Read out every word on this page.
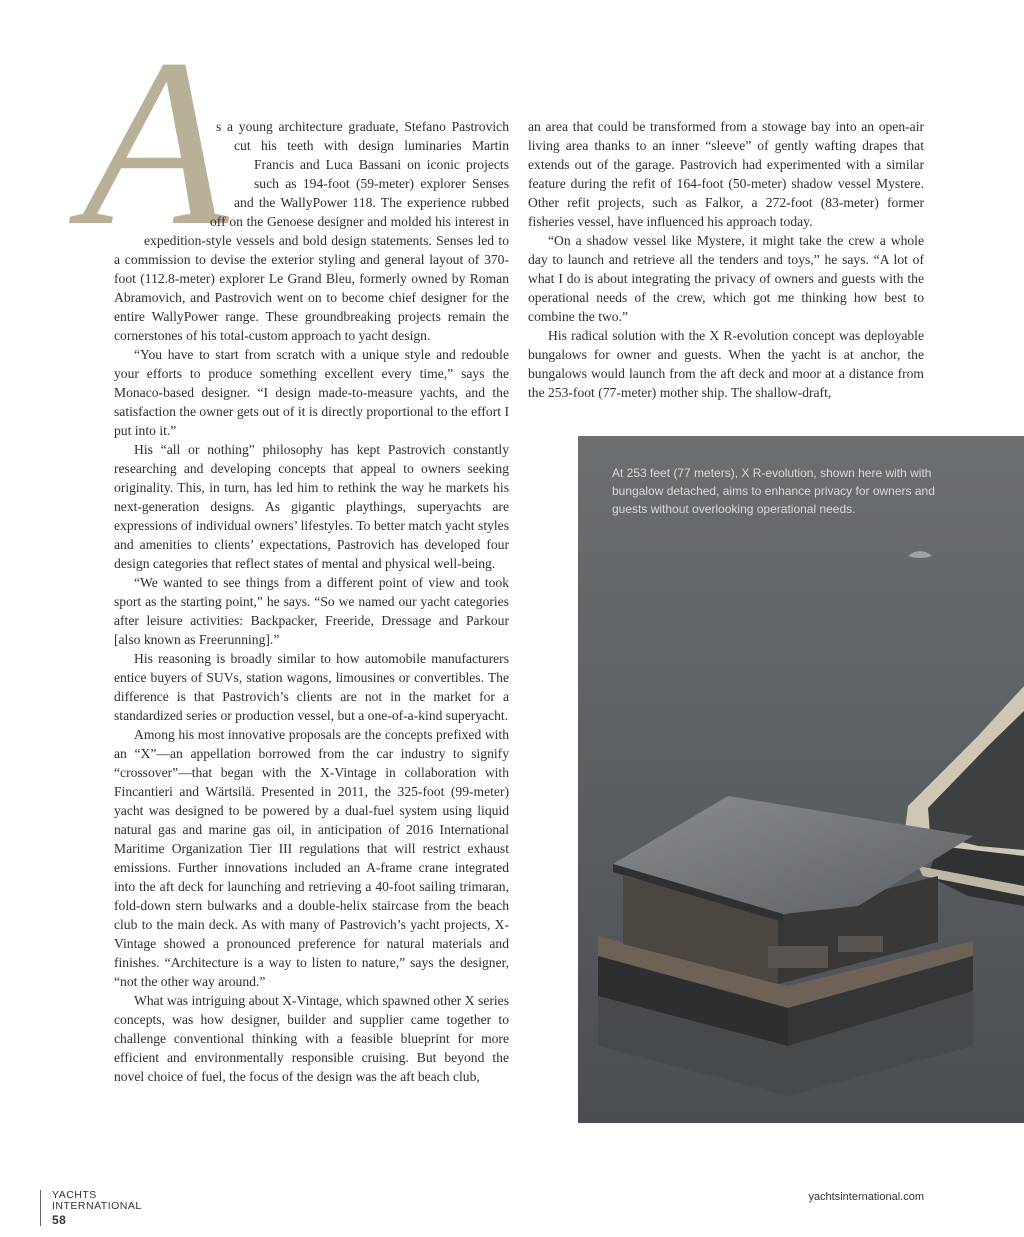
A

s a young architecture graduate, Stefano Pastrovich cut his teeth with design luminaries Martin Francis and Luca Bassani on iconic projects such as 194-foot (59-meter) explorer Senses and the WallyPower 118. The experience rubbed off on the Genoese designer and molded his interest in expedition-style vessels and bold design statements. Senses led to a commission to devise the exterior styling and general layout of 370-foot (112.8-meter) explorer Le Grand Bleu, formerly owned by Roman Abramovich, and Pastrovich went on to become chief designer for the entire WallyPower range. These groundbreaking projects remain the cornerstones of his total-custom approach to yacht design.

“You have to start from scratch with a unique style and redouble your efforts to produce something excellent every time,” says the Monaco-based designer. “I design made-to-measure yachts, and the satisfaction the owner gets out of it is directly proportional to the effort I put into it.”

His “all or nothing” philosophy has kept Pastrovich constantly researching and developing concepts that appeal to owners seeking originality. This, in turn, has led him to rethink the way he markets his next-generation designs. As gigantic playthings, superyachts are expressions of individual owners’ lifestyles. To better match yacht styles and amenities to clients’ expectations, Pastrovich has developed four design categories that reflect states of mental and physical well-being.

“We wanted to see things from a different point of view and took sport as the starting point,” he says. “So we named our yacht categories after leisure activities: Backpacker, Freeride, Dressage and Parkour [also known as Freerunning].”

His reasoning is broadly similar to how automobile manufacturers entice buyers of SUVs, station wagons, limousines or convertibles. The difference is that Pastrovich’s clients are not in the market for a standardized series or production vessel, but a one-of-a-kind superyacht.

Among his most innovative proposals are the concepts prefixed with an “X”—an appellation borrowed from the car industry to signify “crossover”—that began with the X-Vintage in collaboration with Fincantieri and Wärtsilä. Presented in 2011, the 325-foot (99-meter) yacht was designed to be powered by a dual-fuel system using liquid natural gas and marine gas oil, in anticipation of 2016 International Maritime Organization Tier III regulations that will restrict exhaust emissions. Further innovations included an A-frame crane integrated into the aft deck for launching and retrieving a 40-foot sailing trimaran, fold-down stern bulwarks and a double-helix staircase from the beach club to the main deck. As with many of Pastrovich’s yacht projects, X-Vintage showed a pronounced preference for natural materials and finishes. “Architecture is a way to listen to nature,” says the designer, “not the other way around.”

What was intriguing about X-Vintage, which spawned other X series concepts, was how designer, builder and supplier came together to challenge conventional thinking with a feasible blueprint for more efficient and environmentally responsible cruising. But beyond the novel choice of fuel, the focus of the design was the aft beach club,

an area that could be transformed from a stowage bay into an open-air living area thanks to an inner “sleeve” of gently wafting drapes that extends out of the garage. Pastrovich had experimented with a similar feature during the refit of 164-foot (50-meter) shadow vessel Mystere. Other refit projects, such as Falkor, a 272-foot (83-meter) former fisheries vessel, have influenced his approach today.

“On a shadow vessel like Mystere, it might take the crew a whole day to launch and retrieve all the tenders and toys,” he says. “A lot of what I do is about integrating the privacy of owners and guests with the operational needs of the crew, which got me thinking how best to combine the two.”

His radical solution with the X R-evolution concept was deployable bungalows for owner and guests. When the yacht is at anchor, the bungalows would launch from the aft deck and moor at a distance from the 253-foot (77-meter) mother ship. The shallow-draft,

At 253 feet (77 meters), X R-evolution, shown here with with bungalow detached, aims to enhance privacy for owners and guests without overlooking operational needs.

YACHTS
INTERNATIONAL
58
yachtsinternational.com
